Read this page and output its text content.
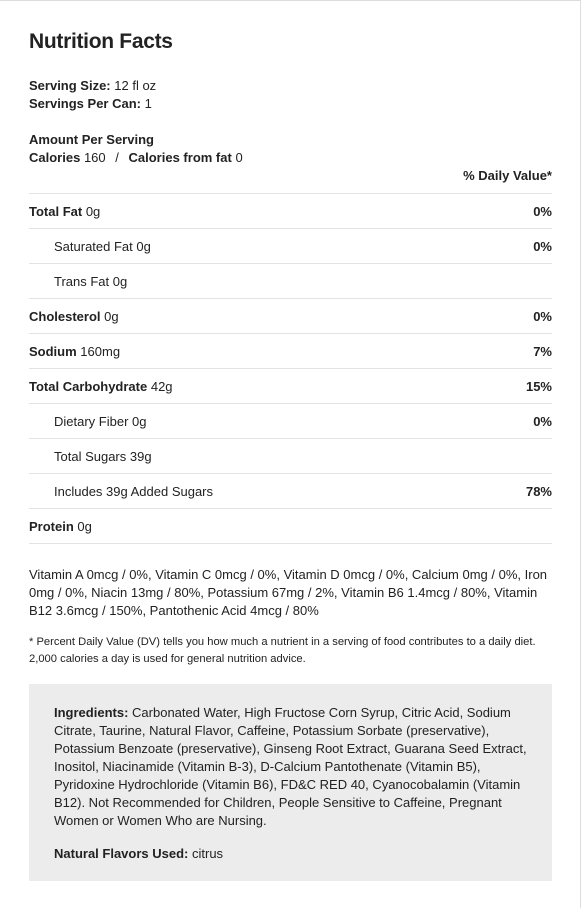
Nutrition Facts
Serving Size: 12 fl oz
Servings Per Can: 1
Amount Per Serving
Calories 160 / Calories from fat 0
% Daily Value*
Total Fat 0g	0%
Saturated Fat 0g	0%
Trans Fat 0g
Cholesterol 0g	0%
Sodium 160mg	7%
Total Carbohydrate 42g	15%
Dietary Fiber 0g	0%
Total Sugars 39g
Includes 39g Added Sugars	78%
Protein 0g
Vitamin A 0mcg / 0%, Vitamin C 0mcg / 0%, Vitamin D 0mcg / 0%, Calcium 0mg / 0%, Iron 0mg / 0%, Niacin 13mg / 80%, Potassium 67mg / 2%, Vitamin B6 1.4mcg / 80%, Vitamin B12 3.6mcg / 150%, Pantothenic Acid 4mcg / 80%
* Percent Daily Value (DV) tells you how much a nutrient in a serving of food contributes to a daily diet. 2,000 calories a day is used for general nutrition advice.
Ingredients: Carbonated Water, High Fructose Corn Syrup, Citric Acid, Sodium Citrate, Taurine, Natural Flavor, Caffeine, Potassium Sorbate (preservative), Potassium Benzoate (preservative), Ginseng Root Extract, Guarana Seed Extract, Inositol, Niacinamide (Vitamin B-3), D-Calcium Pantothenate (Vitamin B5), Pyridoxine Hydrochloride (Vitamin B6), FD&C RED 40, Cyanocobalamin (Vitamin B12). Not Recommended for Children, People Sensitive to Caffeine, Pregnant Women or Women Who are Nursing.
Natural Flavors Used: citrus
